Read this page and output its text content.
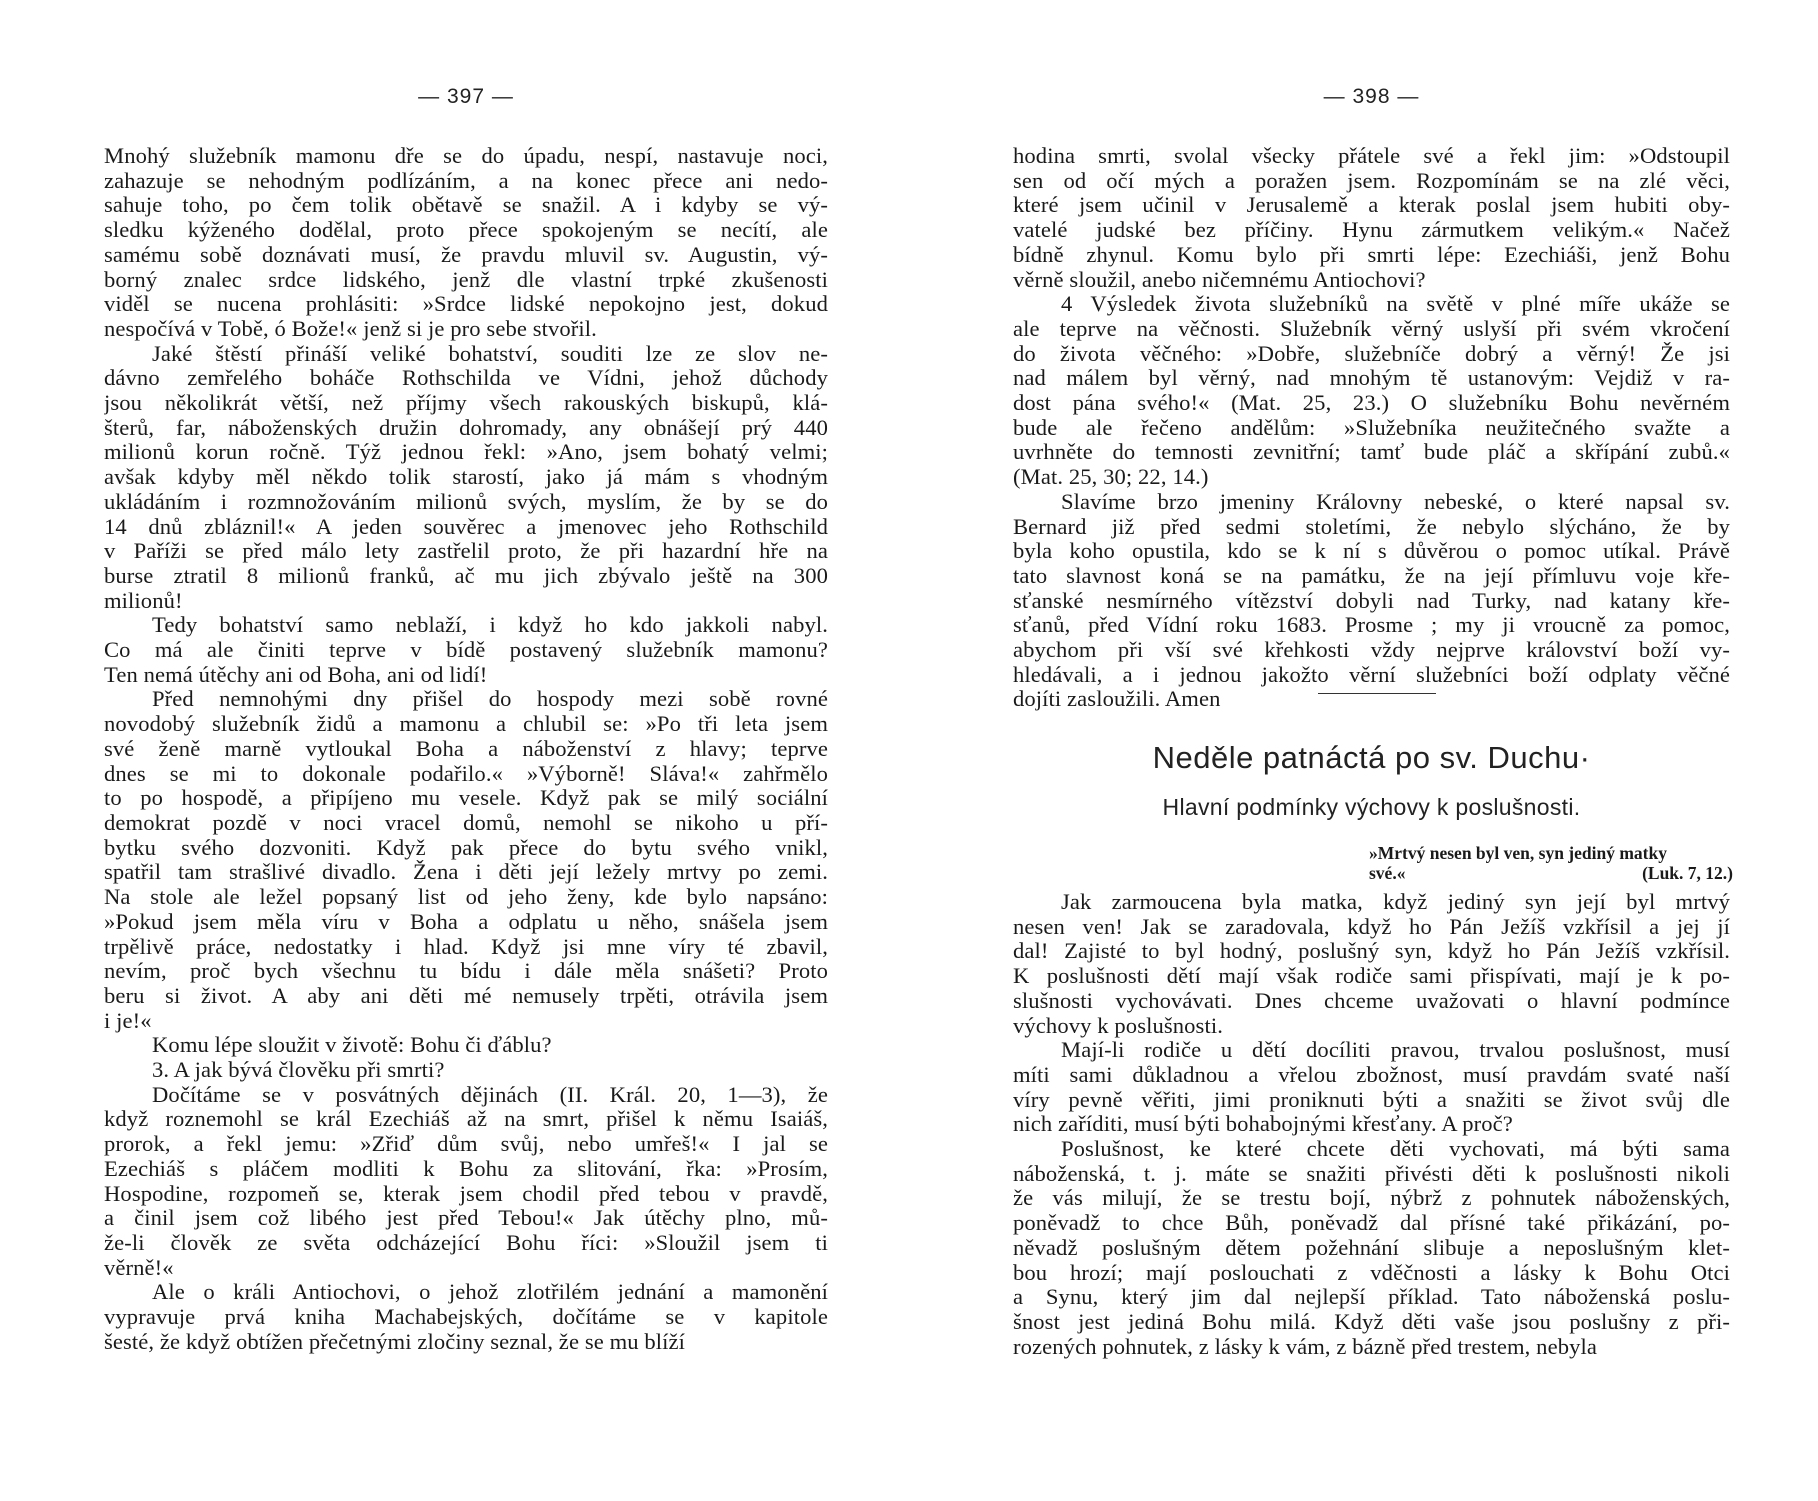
— 397 —

Mnohý služebník mamonu dře se do úpadu, nespí, nastavuje noci,
zahazuje se nehodným podlízáním, a na konec přece ani nedo-
sahuje toho, po čem tolik obětavě se snažil. A i kdyby se vý-
sledku kýženého dodělal, proto přece spokojeným se necítí, ale
samému sobě doznávati musí, že pravdu mluvil sv. Augustin, vý-
borný znalec srdce lidského, jenž dle vlastní trpké zkušenosti
viděl se nucena prohlásiti: »Srdce lidské nepokojno jest, dokud
nespočívá v Tobě, ó Bože!« jenž si je pro sebe stvořil.

Jaké štěstí přináší veliké bohatství, souditi lze ze slov ne-
dávno zemřelého boháče Rothschilda ve Vídni, jehož důchody
jsou několikrát větší, než příjmy všech rakouských biskupů, klá-
šterů, far, náboženských družin dohromady, any obnášejí prý 440
milionů korun ročně. Týž jednou řekl: »Ano, jsem bohatý velmi;
avšak kdyby měl někdo tolik starostí, jako já mám s vhodným
ukládáním i rozmnožováním milionů svých, myslím, že by se do
14 dnů zbláznil!« A jeden souvěrec a jmenovec jeho Rothschild
v Paříži se před málo lety zastřelil proto, že při hazardní hře na
burse ztratil 8 milionů franků, ač mu jich zbývalo ještě na 300
milionů!

Tedy bohatství samo neblaží, i když ho kdo jakkoli nabyl.
Co má ale činiti teprve v bídě postavený služebník mamonu?
Ten nemá útěchy ani od Boha, ani od lidí!

Před nemnohými dny přišel do hospody mezi sobě rovné
novodobý služebník židů a mamonu a chlubil se: »Po tři leta jsem
své ženě marně vytloukal Boha a náboženství z hlavy; teprve
dnes se mi to dokonale podařilo.« »Výborně! Sláva!« zahřmělo
to po hospodě, a připíjeno mu vesele. Když pak se milý sociální
demokrat pozdě v noci vracel domů, nemohl se nikoho u pří-
bytku svého dozvoniti. Když pak přece do bytu svého vnikl,
spatřil tam strašlivé divadlo. Žena i děti její ležely mrtvy po zemi.
Na stole ale ležel popsaný list od jeho ženy, kde bylo napsáno:
»Pokud jsem měla víru v Boha a odplatu u něho, snášela jsem
trpělivě práce, nedostatky i hlad. Když jsi mne víry té zbavil,
nevím, proč bych všechnu tu bídu i dále měla snášeti? Proto
beru si život. A aby ani děti mé nemusely trpěti, otrávila jsem
i je!«

Komu lépe sloužit v životě: Bohu či ďáblu?

3. A jak bývá člověku při smrti?

Dočítáme se v posvátných dějinách (II. Král. 20, 1—3), že
když roznemohl se král Ezechiáš až na smrt, přišel k němu Isaiáš,
prorok, a řekl jemu: »Zřiď dům svůj, nebo umřeš!« I jal se
Ezechiáš s pláčem modliti k Bohu za slitování, řka: »Prosím,
Hospodine, rozpomeň se, kterak jsem chodil před tebou v pravdě,
a činil jsem což libého jest před Tebou!« Jak útěchy plno, mů-
že-li člověk ze světa odcházející Bohu říci: »Sloužil jsem ti
věrně!«

Ale o králi Antiochovi, o jehož zlotřilém jednání a mamonění
vypravuje prvá kniha Machabejských, dočítáme se v kapitole
šesté, že když obtížen přečetnými zločiny seznal, že se mu blíží

— 398 —

hodina smrti, svolal všecky přátele své a řekl jim: »Odstoupil
sen od očí mých a poražen jsem. Rozpomínám se na zlé věci,
které jsem učinil v Jerusalemě a kterak poslal jsem hubiti oby-
vatelé judské bez příčiny. Hynu zármutkem velikým.« Načež
bídně zhynul. Komu bylo při smrti lépe: Ezechiáši, jenž Bohu
věrně sloužil, anebo ničemnému Antiochovi?

4 Výsledek života služebníků na světě v plné míře ukáže se
ale teprve na věčnosti. Služebník věrný uslyší při svém vkročení
do života věčného: »Dobře, služebníče dobrý a věrný! Že jsi
nad málem byl věrný, nad mnohým tě ustanovým: Vejdiž v ra-
dost pána svého!« (Mat. 25, 23.) O služebníku Bohu nevěrném
bude ale řečeno andělům: »Služebníka neužitečného svažte a
uvrhněte do temnosti zevnitřní; tamť bude pláč a skřípání zubů.«
(Mat. 25, 30; 22, 14.)

Slavíme brzo jmeniny Královny nebeské, o které napsal sv.
Bernard již před sedmi stoletími, že nebylo slýcháno, že by
byla koho opustila, kdo se k ní s důvěrou o pomoc utíkal. Právě
tato slavnost koná se na památku, že na její přímluvu voje kře-
sťanské nesmírného vítězství dobyli nad Turky, nad katany kře-
sťanů, před Vídní roku 1683. Prosme ; my ji vroucně za pomoc,
abychom při vší své křehkosti vždy nejprve království boží vy-
hledávali, a i jednou jakožto věrní služebníci boží odplaty věčné
dojíti zasloužili. Amen

Neděle patnáctá po sv. Duchu·
Hlavní podmínky výchovy k poslušnosti.
»Mrtvý nesen byl ven, syn jediný matky
své.«	(Luk. 7, 12.)

Jak zarmoucena byla matka, když jediný syn její byl mrtvý
nesen ven! Jak se zaradovala, když ho Pán Ježíš vzkřísil a jej jí
dal! Zajisté to byl hodný, poslušný syn, když ho Pán Ježíš vzkřísil.
K poslušnosti dětí mají však rodiče sami přispívati, mají je k po-
slušnosti vychovávati. Dnes chceme uvažovati o hlavní podmínce
výchovy k poslušnosti.

Mají-li rodiče u dětí docíliti pravou, trvalou poslušnost, musí
míti sami důkladnou a vřelou zbožnost, musí pravdám svaté naší
víry pevně věřiti, jimi proniknuti býti a snažiti se život svůj dle
nich zaříditi, musí býti bohabojnými křesťany. A proč?

Poslušnost, ke které chcete děti vychovati, má býti sama
náboženská, t. j. máte se snažiti přivésti děti k poslušnosti nikoli
že vás milují, že se trestu bojí, nýbrž z pohnutek náboženských,
poněvadž to chce Bůh, poněvadž dal přísné také přikázání, po-
něvadž poslušným dětem požehnání slibuje a neposlušným klet-
bou hrozí; mají poslouchati z vděčnosti a lásky k Bohu Otci
a Synu, který jim dal nejlepší příklad. Tato náboženská poslu-
šnost jest jediná Bohu milá. Když děti vaše jsou poslušny z při-
rozených pohnutek, z lásky k vám, z bázně před trestem, nebyla
